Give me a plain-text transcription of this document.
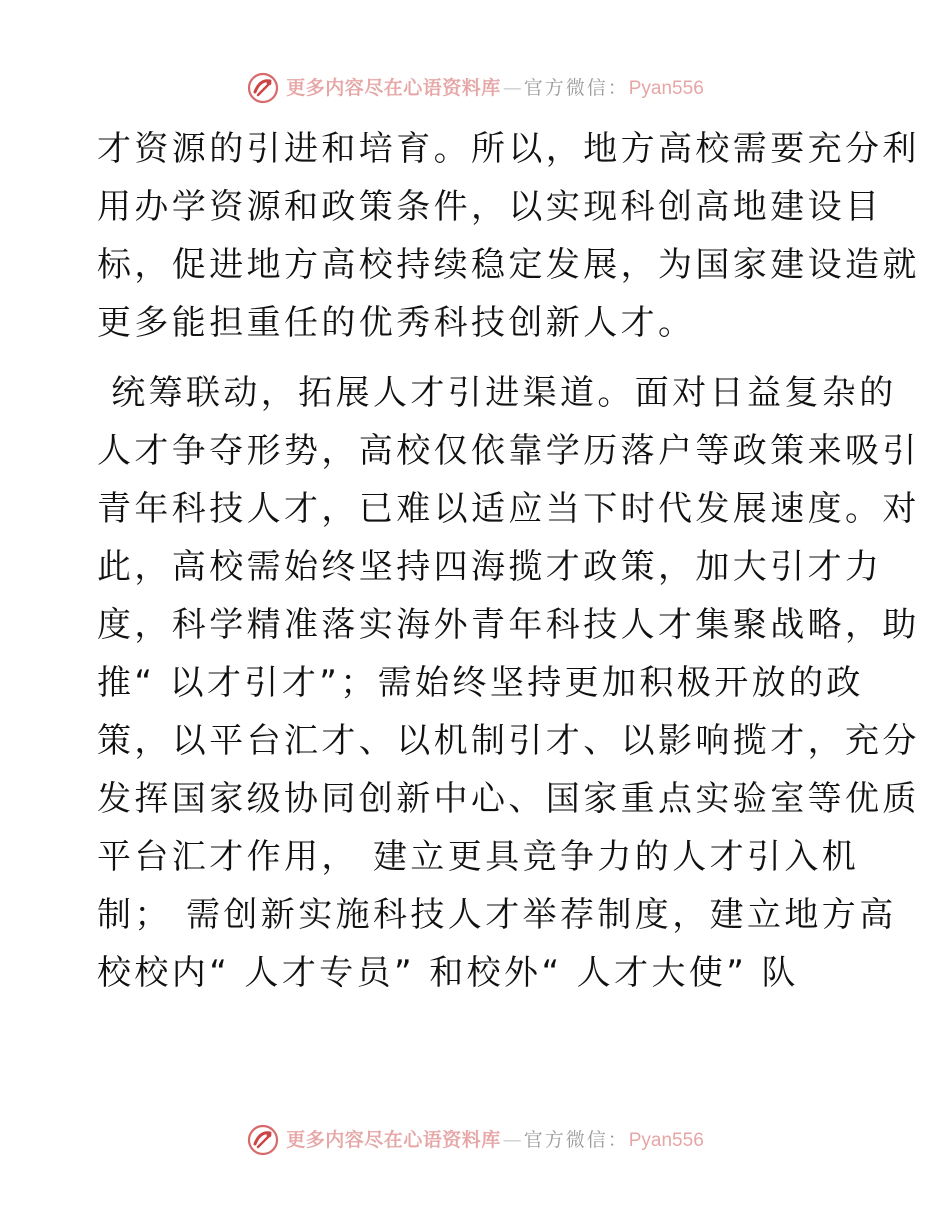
更多内容尽在心语资料库 — 官方微信： Pyan556
才资源的引进和培育。所以，地方高校需要充分利
用办学资源和政策条件，以实现科创高地建设目
标，促进地方高校持续稳定发展，为国家建设造就
更多能担重任的优秀科技创新人才。
统筹联动，拓展人才引进渠道。面对日益复杂的
人才争夺形势，高校仅依靠学历落户等政策来吸引
青年科技人才，已难以适应当下时代发展速度。对
此，高校需始终坚持四海揽才政策，加大引才力
度，科学精准落实海外青年科技人才集聚战略，助
推“ 以才引才”；需始终坚持更加积极开放的政
策，以平台汇才、以机制引才、以影响揽才，充分
发挥国家级协同创新中心、国家重点实验室等优质
平台汇才作用， 建立更具竞争力的人才引入机
制； 需创新实施科技人才举荐制度，建立地方高
校校内“ 人才专员” 和校外“ 人才大使” 队
更多内容尽在心语资料库 — 官方微信： Pyan556
